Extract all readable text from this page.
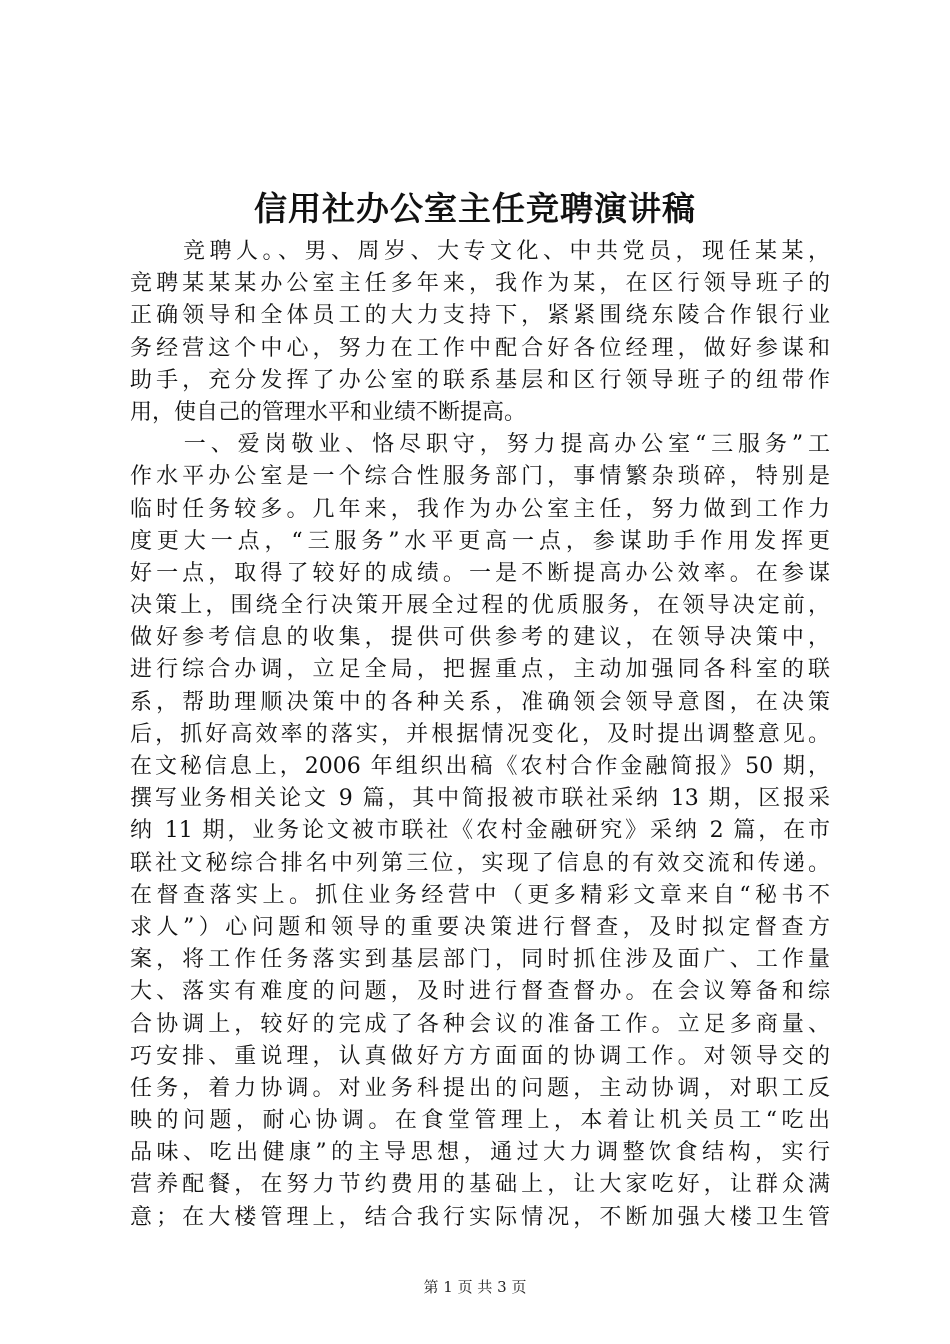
信用社办公室主任竞聘演讲稿
　　竞聘人。、男、周岁、大专文化、中共党员，现任某某，
竞聘某某某办公室主任多年来，我作为某，在区行领导班子的
正确领导和全体员工的大力支持下，紧紧围绕东陵合作银行业
务经营这个中心，努力在工作中配合好各位经理，做好参谋和
助手，充分发挥了办公室的联系基层和区行领导班子的纽带作
用，使自己的管理水平和业绩不断提高。
　　一、爱岗敬业、恪尽职守，努力提高办公室“三服务”工
作水平办公室是一个综合性服务部门，事情繁杂琐碎，特别是
临时任务较多。几年来，我作为办公室主任，努力做到工作力
度更大一点，“三服务”水平更高一点，参谋助手作用发挥更
好一点，取得了较好的成绩。一是不断提高办公效率。在参谋
决策上，围绕全行决策开展全过程的优质服务，在领导决定前，
做好参考信息的收集，提供可供参考的建议，在领导决策中，
进行综合办调，立足全局，把握重点，主动加强同各科室的联
系，帮助理顺决策中的各种关系，准确领会领导意图，在决策
后，抓好高效率的落实，并根据情况变化，及时提出调整意见。
在文秘信息上，2006 年组织出稿《农村合作金融简报》50 期，
撰写业务相关论文 9 篇，其中简报被市联社采纳 13 期，区报采
纳 11 期，业务论文被市联社《农村金融研究》采纳 2 篇，在市
联社文秘综合排名中列第三位，实现了信息的有效交流和传递。
在督查落实上。抓住业务经营中（更多精彩文章来自“秘书不
求人”）心问题和领导的重要决策进行督查，及时拟定督查方
案，将工作任务落实到基层部门，同时抓住涉及面广、工作量
大、落实有难度的问题，及时进行督查督办。在会议筹备和综
合协调上，较好的完成了各种会议的准备工作。立足多商量、
巧安排、重说理，认真做好方方面面的协调工作。对领导交的
任务，着力协调。对业务科提出的问题，主动协调，对职工反
映的问题，耐心协调。在食堂管理上，本着让机关员工“吃出
品味、吃出健康”的主导思想，通过大力调整饮食结构，实行
营养配餐，在努力节约费用的基础上，让大家吃好，让群众满
意；在大楼管理上，结合我行实际情况，不断加强大楼卫生管
第 1 页 共 3 页
